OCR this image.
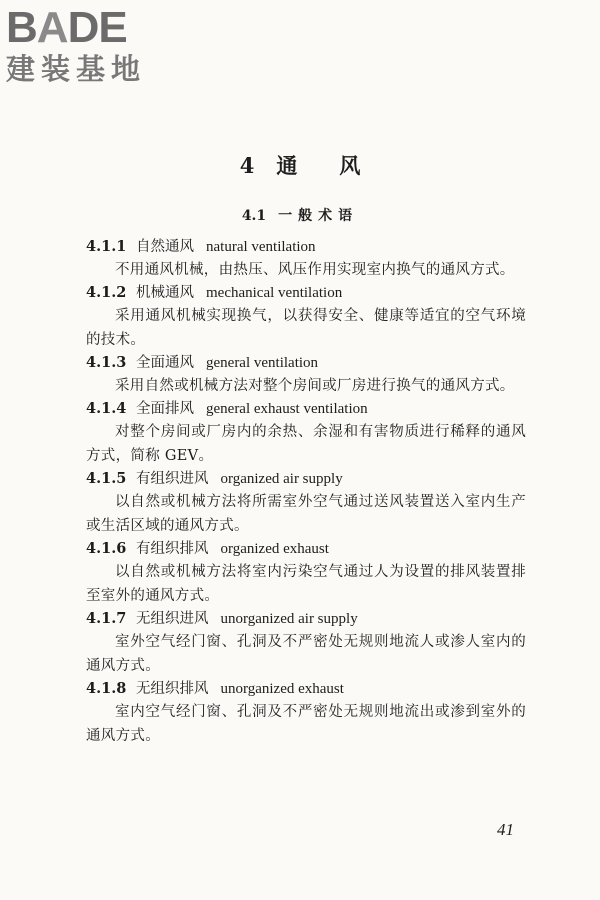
BADE
建装基地
4 通 风
4.1 一般术语
4.1.1 自然通风 natural ventilation
不用通风机械，由热压、风压作用实现室内换气的通风方式。
4.1.2 机械通风 mechanical ventilation
采用通风机械实现换气，以获得安全、健康等适宜的空气环境的技术。
4.1.3 全面通风 general ventilation
采用自然或机械方法对整个房间或厂房进行换气的通风方式。
4.1.4 全面排风 general exhaust ventilation
对整个房间或厂房内的余热、余湿和有害物质进行稀释的通风方式，简称 GEV。
4.1.5 有组织进风 organized air supply
以自然或机械方法将所需室外空气通过送风装置送入室内生产或生活区域的通风方式。
4.1.6 有组织排风 organized exhaust
以自然或机械方法将室内污染空气通过人为设置的排风装置排至室外的通风方式。
4.1.7 无组织进风 unorganized air supply
室外空气经门窗、孔洞及不严密处无规则地流人或渗人室内的通风方式。
4.1.8 无组织排风 unorganized exhaust
室内空气经门窗、孔洞及不严密处无规则地流出或渗到室外的通风方式。
41
